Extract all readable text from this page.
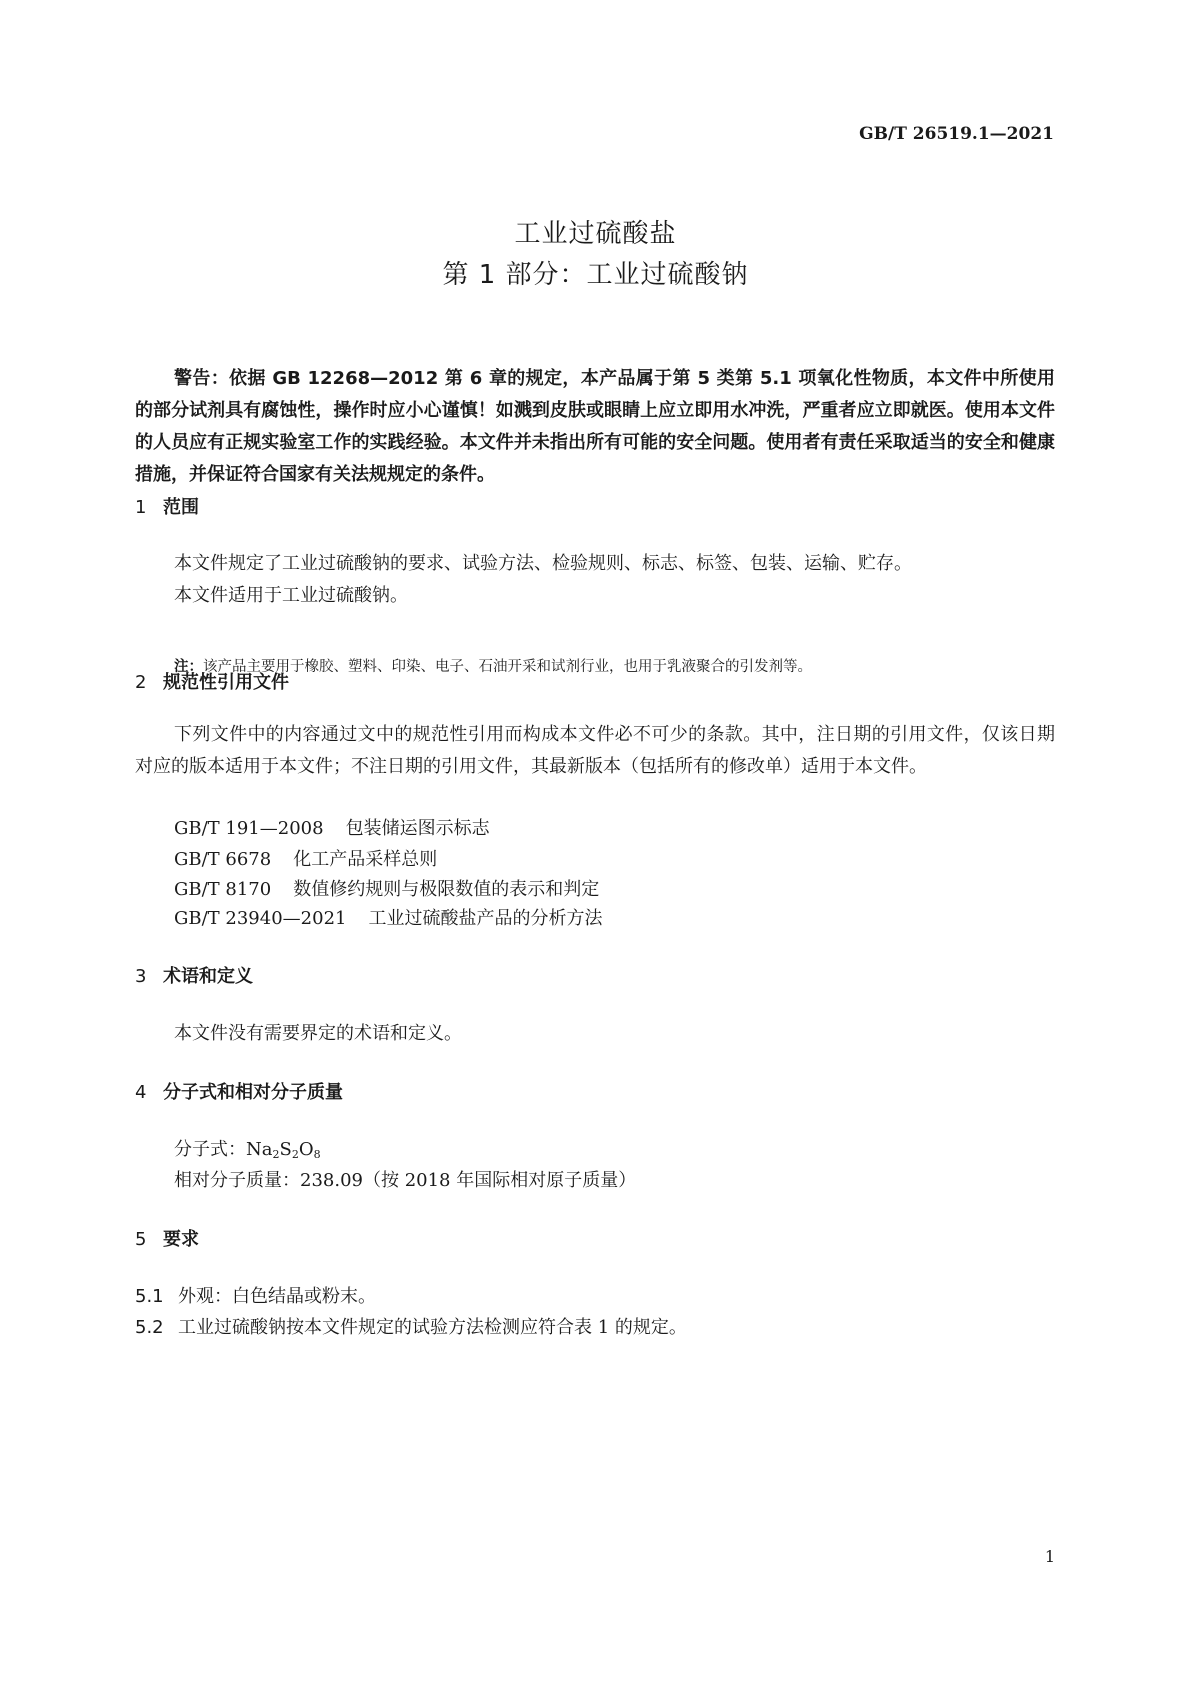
GB/T 26519.1—2021
工业过硫酸盐
第 1 部分：工业过硫酸钠

警告：依据 GB 12268—2012 第 6 章的规定，本产品属于第 5 类第 5.1 项氧化性物质，本文件中所使用的部分试剂具有腐蚀性，操作时应小心谨慎！如溅到皮肤或眼睛上应立即用水冲洗，严重者应立即就医。使用本文件的人员应有正规实验室工作的实践经验。本文件并未指出所有可能的安全问题。使用者有责任采取适当的安全和健康措施，并保证符合国家有关法规规定的条件。

1 范围
本文件规定了工业过硫酸钠的要求、试验方法、检验规则、标志、标签、包装、运输、贮存。
本文件适用于工业过硫酸钠。
注：该产品主要用于橡胶、塑料、印染、电子、石油开采和试剂行业，也用于乳液聚合的引发剂等。
2 规范性引用文件

下列文件中的内容通过文中的规范性引用而构成本文件必不可少的条款。其中，注日期的引用文件，仅该日期对应的版本适用于本文件；不注日期的引用文件，其最新版本（包括所有的修改单）适用于本文件。

GB/T 191—2008 包装储运图示标志
GB/T 6678 化工产品采样总则
GB/T 8170 数值修约规则与极限数值的表示和判定
GB/T 23940—2021 工业过硫酸盐产品的分析方法
3 术语和定义
本文件没有需要界定的术语和定义。
4 分子式和相对分子质量
分子式：$Na_2S_2O_8$
相对分子质量：238.09（按 2018 年国际相对原子质量）
5 要求
5.1 外观：白色结晶或粉末。
5.2 工业过硫酸钠按本文件规定的试验方法检测应符合表 1 的规定。
1
